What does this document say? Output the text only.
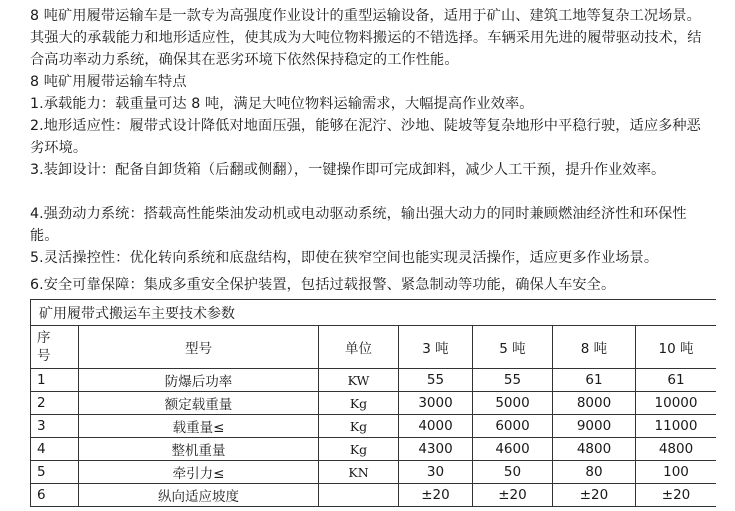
8 吨矿用履带运输车是一款专为高强度作业设计的重型运输设备，适用于矿山、建筑工地等复杂工况场景。其强大的承载能力和地形适应性，使其成为大吨位物料搬运的不错选择。车辆采用先进的履带驱动技术，结合高功率动力系统，确保其在恶劣环境下依然保持稳定的工作性能。
8 吨矿用履带运输车特点
1.承载能力：载重量可达 8 吨，满足大吨位物料运输需求，大幅提高作业效率。
2.地形适应性：履带式设计降低对地面压强，能够在泥泞、沙地、陡坡等复杂地形中平稳行驶，适应多种恶劣环境。
3.装卸设计：配备自卸货箱（后翻或侧翻），一键操作即可完成卸料，减少人工干预，提升作业效率。
4.强劲动力系统：搭载高性能柴油发动机或电动驱动系统，输出强大动力的同时兼顾燃油经济性和环保性能。
5.灵活操控性：优化转向系统和底盘结构，即使在狭窄空间也能实现灵活操作，适应更多作业场景。
6.安全可靠保障：集成多重安全保护装置，包括过载报警、紧急制动等功能，确保人车安全。
矿用履带式搬运车主要技术参数						
序
号	型号	单位	3 吨	5 吨	8 吨	10 吨
1	防爆后功率	KW	55	55	61	61
2	额定载重量	Kg	3000	5000	8000	10000
3	载重量≤	Kg	4000	6000	9000	11000
4	整机重量	Kg	4300	4600	4800	4800
5	牵引力≤	KN	30	50	80	100
6	纵向适应坡度		±20	±20	±20	±20
